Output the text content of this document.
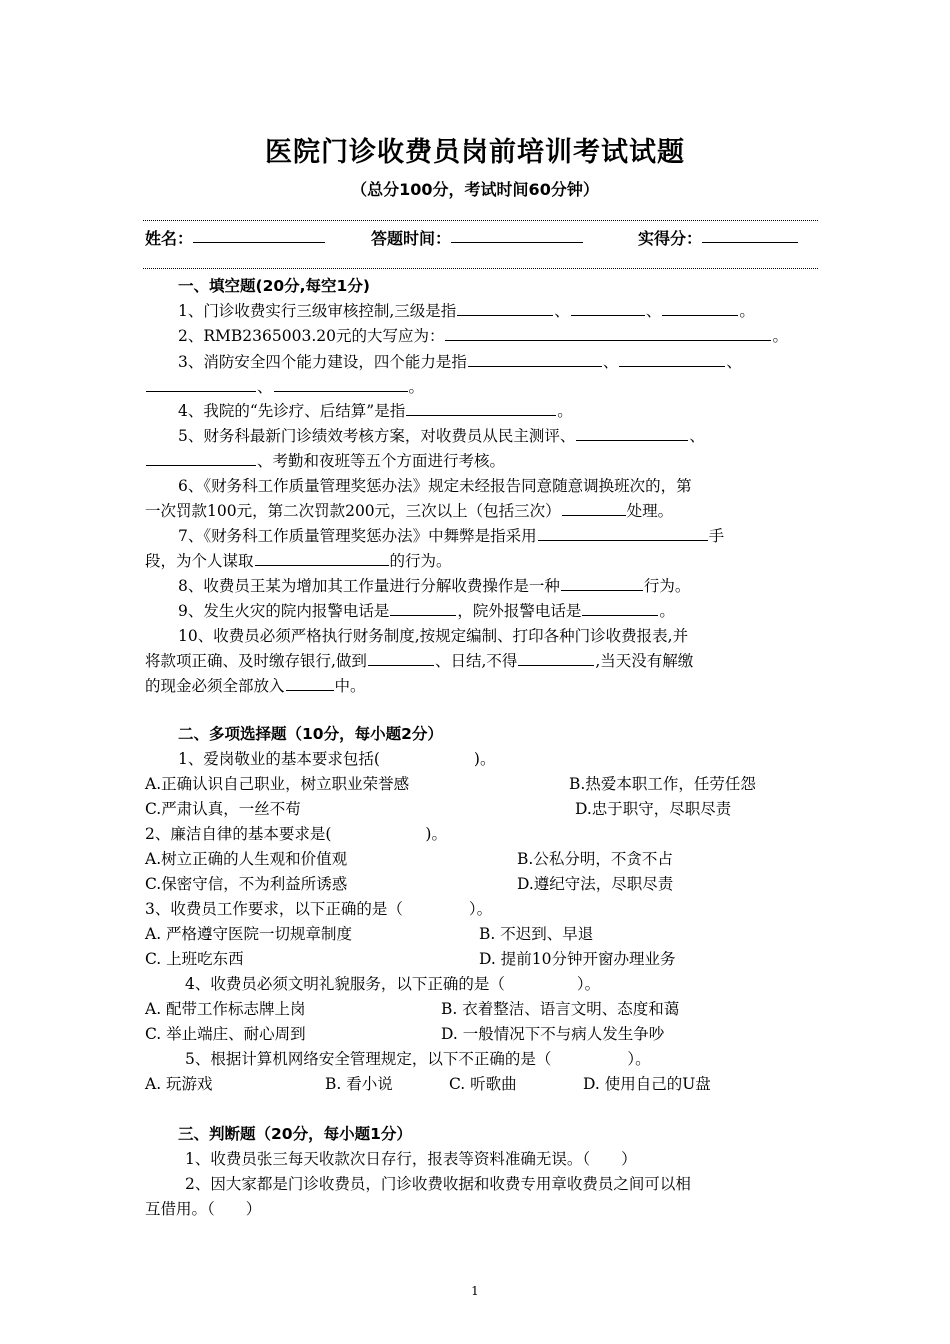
医院门诊收费员岗前培训考试试题
（总分100分，考试时间60分钟）
姓名：	答题时间：	实得分：
一、填空题(20分,每空1分)
1、门诊收费实行三级审核控制,三级是指	、	、	。
2、RMB2365003.20元的大写应为：	。
3、消防安全四个能力建设，四个能力是指	、	、
、	。
4、我院的“先诊疗、后结算”是指	。
5、财务科最新门诊绩效考核方案，对收费员从民主测评、	、
、考勤和夜班等五个方面进行考核。
6、《财务科工作质量管理奖惩办法》规定未经报告同意随意调换班次的，第
一次罚款100元，第二次罚款200元，三次以上（包括三次）	处理。
7、《财务科工作质量管理奖惩办法》中舞弊是指采用	手
段，为个人谋取	的行为。
8、收费员王某为增加其工作量进行分解收费操作是一种	行为。
9、发生火灾的院内报警电话是	，院外报警电话是	。
10、收费员必须严格执行财务制度,按规定编制、打印各种门诊收费报表,并
将款项正确、及时缴存银行,做到	、日结,不得	,当天没有解缴
的现金必须全部放入	中。
二、多项选择题（10分，每小题2分）
1、爱岗敬业的基本要求包括(	)。
A.正确认识自己职业，树立职业荣誉感	B.热爱本职工作，任劳任怨
C.严肃认真，一丝不苟	D.忠于职守，尽职尽责
2、廉洁自律的基本要求是(	)。
A.树立正确的人生观和价值观	B.公私分明，不贪不占
C.保密守信，不为利益所诱惑	D.遵纪守法，尽职尽责
3、收费员工作要求，以下正确的是（	）。
A. 严格遵守医院一切规章制度	B. 不迟到、早退
C. 上班吃东西	D. 提前10分钟开窗办理业务
4、收费员必须文明礼貌服务，以下正确的是（	）。
A. 配带工作标志牌上岗	B. 衣着整洁、语言文明、态度和蔼
C. 举止端庄、耐心周到	D. 一般情况下不与病人发生争吵
5、根据计算机网络安全管理规定，以下不正确的是（	）。
A. 玩游戏	B. 看小说	C. 听歌曲	D. 使用自己的U盘
三、判断题（20分，每小题1分）
1、收费员张三每天收款次日存行，报表等资料准确无误。（　　）
2、因大家都是门诊收费员，门诊收费收据和收费专用章收费员之间可以相
互借用。（　　）
1
